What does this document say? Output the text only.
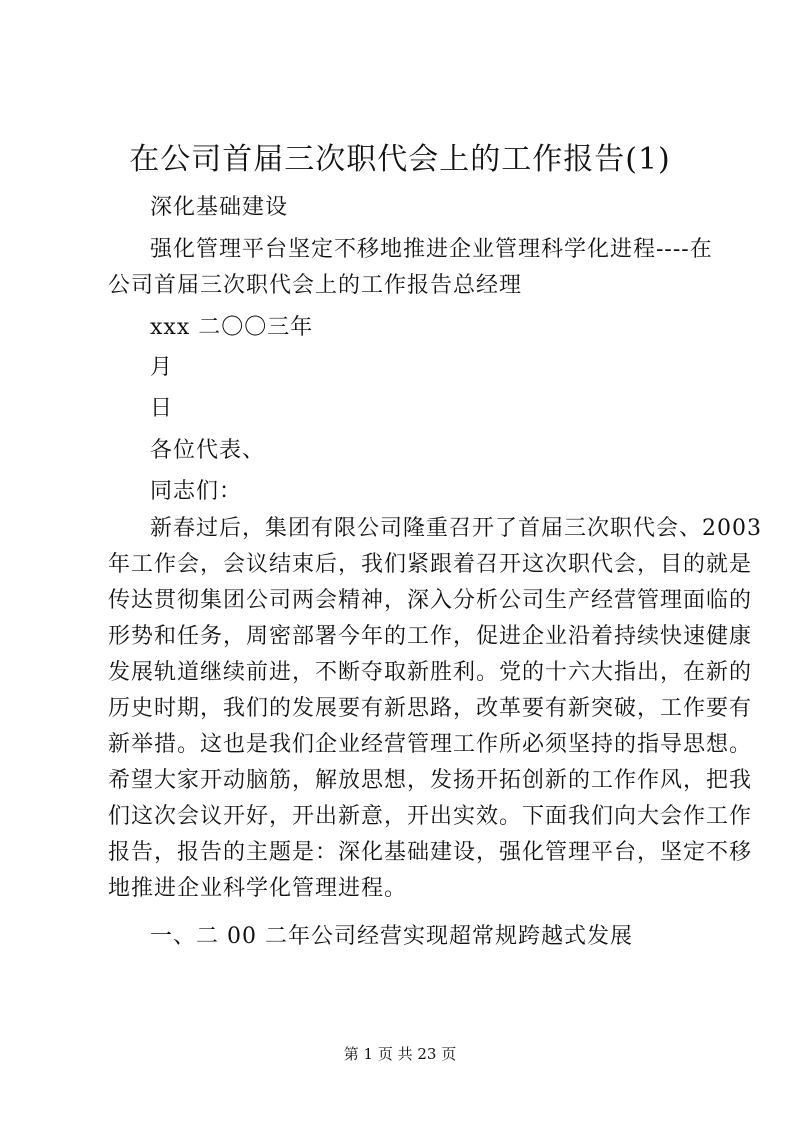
在公司首届三次职代会上的工作报告(1)
深化基础建设
强化管理平台坚定不移地推进企业管理科学化进程----在
公司首届三次职代会上的工作报告总经理
xxx 二〇〇三年
月
日
各位代表、
同志们：
新春过后，集团有限公司隆重召开了首届三次职代会、2003
年工作会，会议结束后，我们紧跟着召开这次职代会，目的就是
传达贯彻集团公司两会精神，深入分析公司生产经营管理面临的
形势和任务，周密部署今年的工作，促进企业沿着持续快速健康
发展轨道继续前进，不断夺取新胜利。党的十六大指出，在新的
历史时期，我们的发展要有新思路，改革要有新突破，工作要有
新举措。这也是我们企业经营管理工作所必须坚持的指导思想。
希望大家开动脑筋，解放思想，发扬开拓创新的工作作风，把我
们这次会议开好，开出新意，开出实效。下面我们向大会作工作
报告，报告的主题是：深化基础建设，强化管理平台，坚定不移
地推进企业科学化管理进程。
一、二 00 二年公司经营实现超常规跨越式发展
第 1 页 共 23 页
